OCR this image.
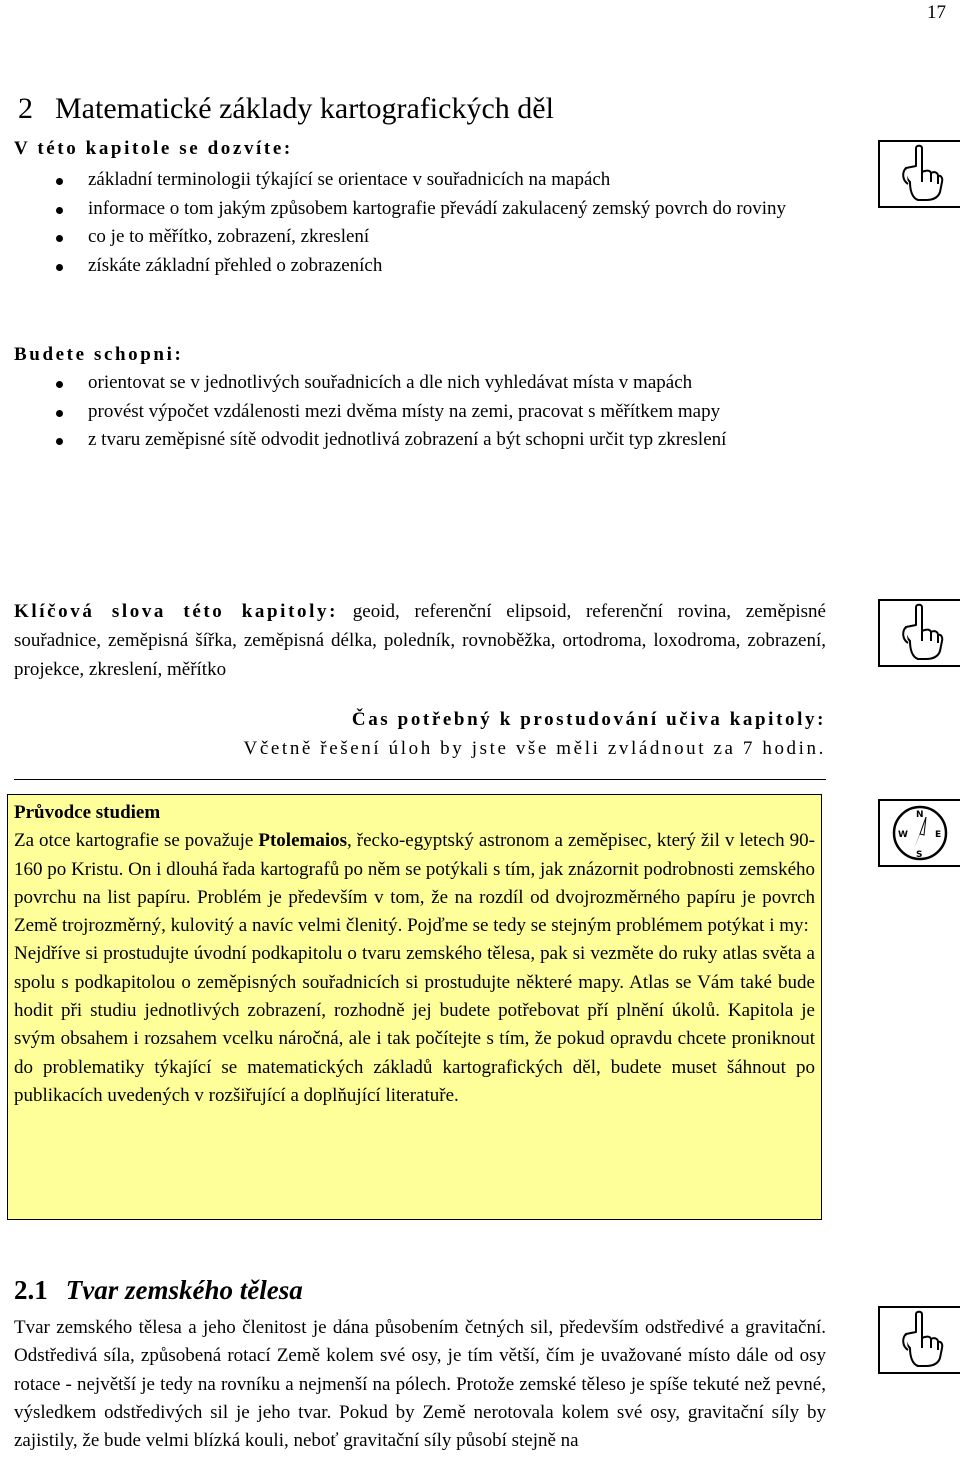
17
2 Matematické základy kartografických děl
V této kapitole se dozvíte:
základní terminologii týkající se orientace v souřadnicích na mapách
informace o tom jakým způsobem kartografie převádí zakulacený zemský povrch do roviny
co je to měřítko, zobrazení, zkreslení
získáte základní přehled o zobrazeních
Budete schopni:
orientovat se v jednotlivých souřadnicích a dle nich vyhledávat místa v mapách
provést výpočet vzdálenosti mezi dvěma místy na zemi, pracovat s měřítkem mapy
z tvaru zeměpisné sítě odvodit jednotlivá zobrazení a být schopni určit typ zkreslení
Klíčová slova této kapitoly: geoid, referenční elipsoid, referenční rovina, zeměpisné souřadnice, zeměpisná šířka, zeměpisná délka, poledník, rovnoběžka, ortodroma, loxodroma, zobrazení, projekce, zkreslení, měřítko
Čas potřebný k prostudování učiva kapitoly:
Včetně řešení úloh by jste vše měli zvládnout za 7 hodin.

Průvodce studiem

Za otce kartografie se považuje Ptolemaios, řecko-egyptský astronom a zeměpisec, který žil v letech 90-160 po Kristu. On i dlouhá řada kartografů po něm se potýkali s tím, jak znázornit podrobnosti zemského povrchu na list papíru. Problém je především v tom, že na rozdíl od dvojrozměrného papíru je povrch Země trojrozměrný, kulovitý a navíc velmi členitý. Pojďme se tedy se stejným problémem potýkat i my:

Nejdříve si prostudujte úvodní podkapitolu o tvaru zemského tělesa, pak si vezměte do ruky atlas světa a spolu s podkapitolou o zeměpisných souřadnicích si prostudujte některé mapy. Atlas se Vám také bude hodit při studiu jednotlivých zobrazení, rozhodně jej budete potřebovat pří plnění úkolů. Kapitola je svým obsahem i rozsahem vcelku náročná, ale i tak počítejte s tím, že pokud opravdu chcete proniknout do problematiky týkající se matematických základů kartografických děl, budete muset šáhnout po publikacích uvedených v rozšiřující a doplňující literatuře.

N
S
W	E
2.1 Tvar zemského tělesa
Tvar zemského tělesa a jeho členitost je dána působením četných sil, především odstředivé a gravitační. Odstředivá síla, způsobená rotací Země kolem své osy, je tím větší, čím je uvažované místo dále od osy rotace - největší je tedy na rovníku a nejmenší na pólech. Protože zemské těleso je spíše tekuté než pevné, výsledkem odstředivých sil je jeho tvar. Pokud by Země nerotovala kolem své osy, gravitační síly by zajistily, že bude velmi blízká kouli, neboť gravitační síly působí stejně na
